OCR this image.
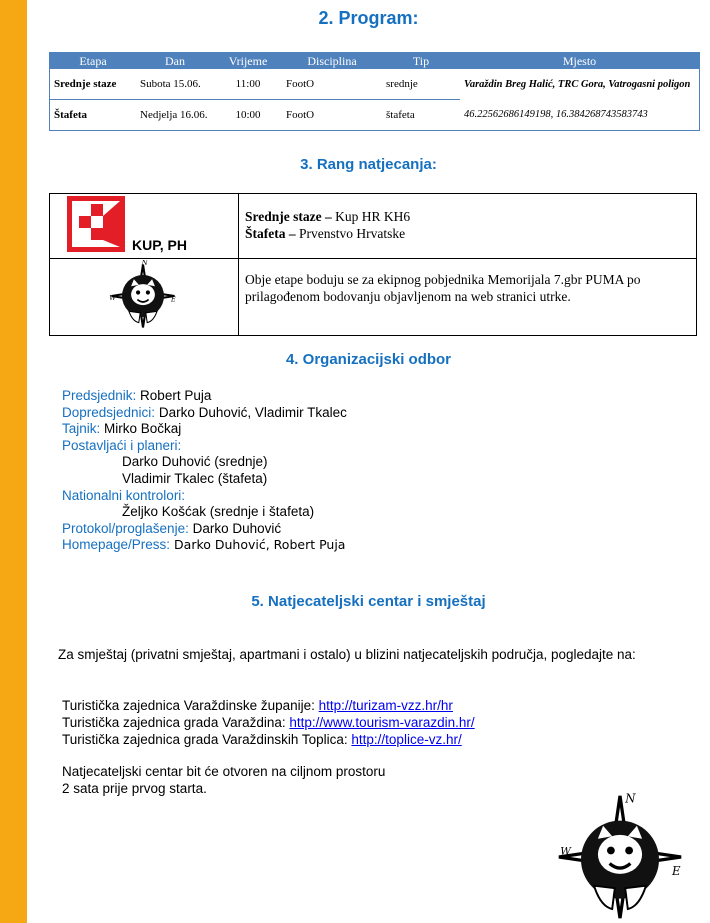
2. Program:
Etapa	Dan	Vrijeme	Disciplina	Tip	Mjesto
Srednje staze	Subota 15.06.	11:00	FootO	srednje	Varaždin Breg Halić, TRC Gora, Vatrogasni poligon
Štafeta	Nedjelja 16.06.	10:00	FootO	štafeta	46.22562686149198, 16.384268743583743
3. Rang natjecanja:
KUP, PH	Srednje staze – Kup HR KH6
Štafeta – Prvenstvo Hrvatske

N
W E	Obje etape boduju se za ekipnog pobjednika Memorijala 7.gbr PUMA po prilagođenom bodovanju objavljenom na web stranici utrke.
4. Organizacijski odbor
Predsjednik: Robert Puja
Dopredsjednici: Darko Duhović, Vladimir Tkalec
Tajnik: Mirko Bočkaj
Postavljaći i planeri:
Darko Duhović (srednje)
Vladimir Tkalec (štafeta)
Nationalni kontrolori:
Željko Košćak (srednje i štafeta)
Protokol/proglašenje: Darko Duhović
Homepage/Press: Darko Duhović, Robert Puja
5. Natjecateljski centar i smještaj
Za smještaj (privatni smještaj, apartmani i ostalo) u blizini natjecateljskih područja, pogledajte na:
Turistička zajednica Varaždinske županije: http://turizam-vzz.hr/hr
Turistička zajednica grada Varaždina: http://www.tourism-varazdin.hr/
Turistička zajednica grada Varaždinskih Toplica: http://toplice-vz.hr/
Natjecateljski centar bit će otvoren na ciljnom prostoru
2 sata prije prvog starta.
N
W
E
